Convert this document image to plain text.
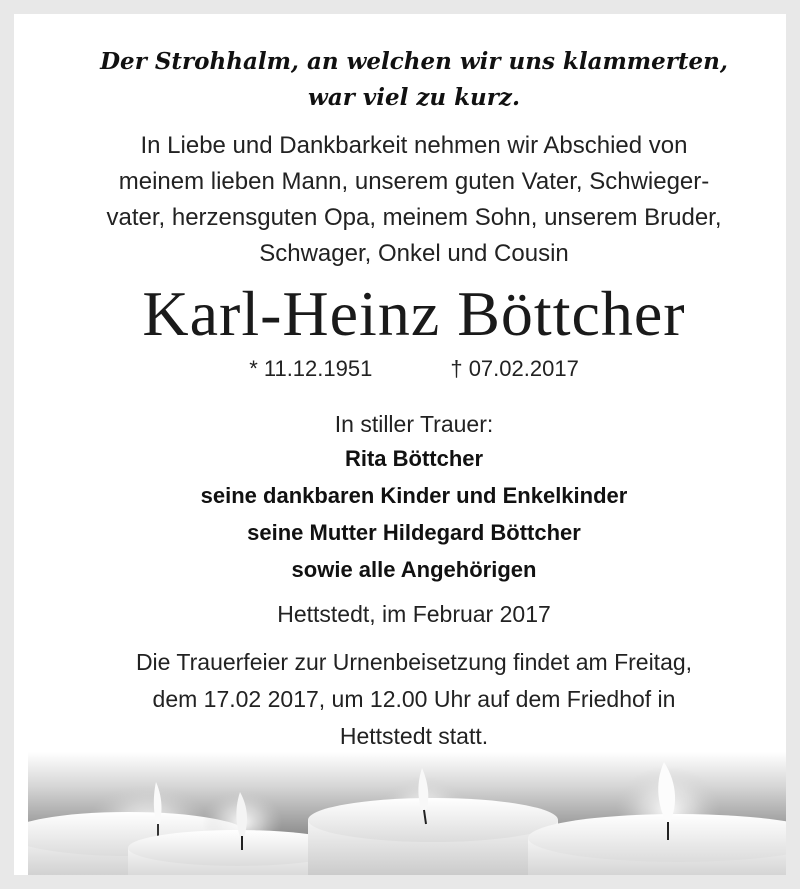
Der Strohhalm, an welchen wir uns klammerten,
war viel zu kurz.
In Liebe und Dankbarkeit nehmen wir Abschied von
meinem lieben Mann, unserem guten Vater, Schwieger-
vater, herzensguten Opa, meinem Sohn, unserem Bruder,
Schwager, Onkel und Cousin
Karl-Heinz Böttcher
* 11.12.1951	† 07.02.2017
In stiller Trauer:
Rita Böttcher
seine dankbaren Kinder und Enkelkinder
seine Mutter Hildegard Böttcher
sowie alle Angehörigen
Hettstedt, im Februar 2017
Die Trauerfeier zur Urnenbeisetzung findet am Freitag,
dem 17.02 2017, um 12.00 Uhr auf dem Friedhof in
Hettstedt statt.
